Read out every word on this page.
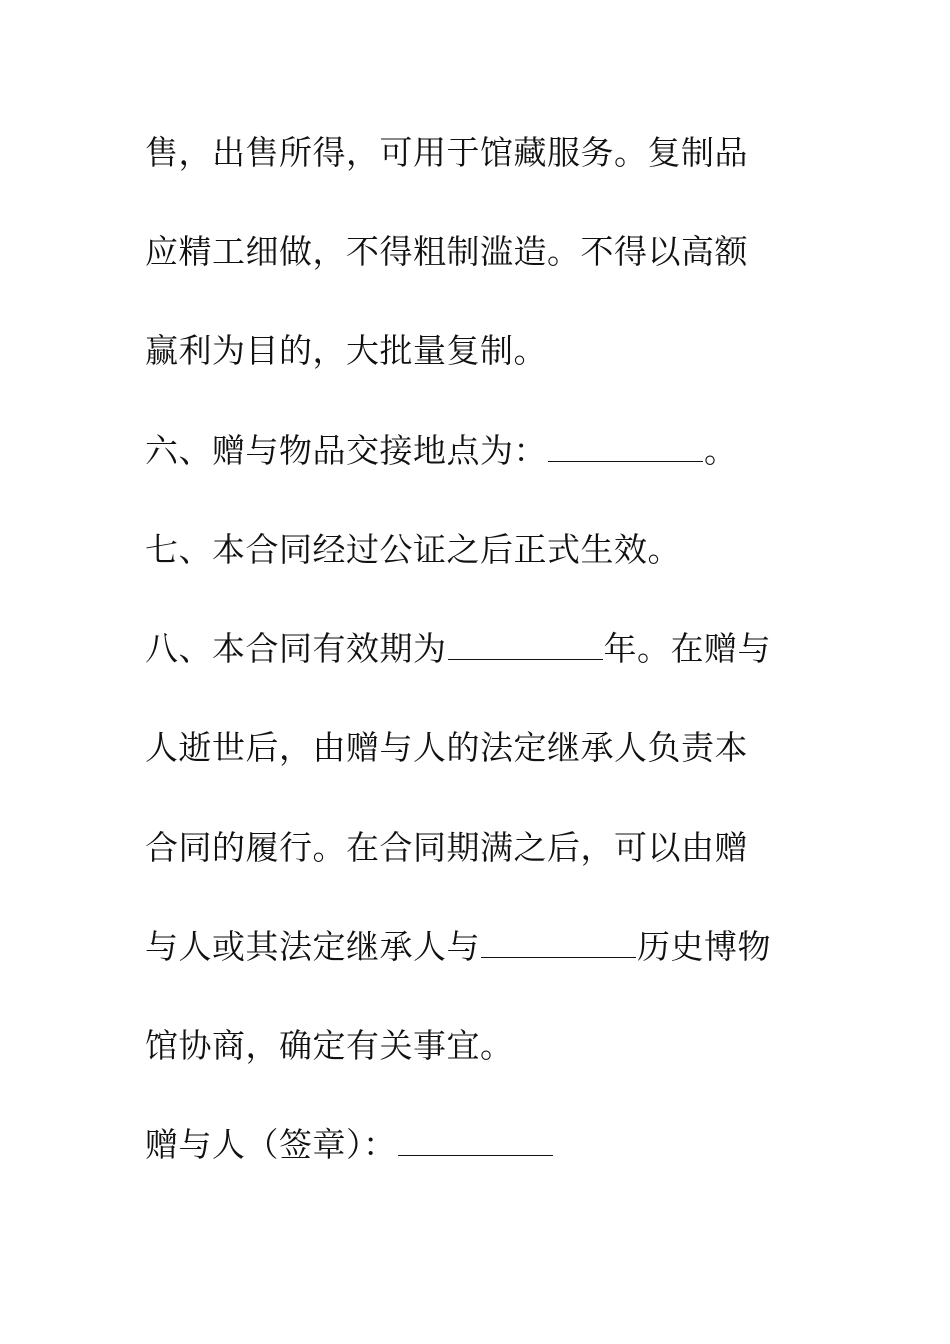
售，出售所得，可用于馆藏服务。复制品
应精工细做，不得粗制滥造。不得以高额
赢利为目的，大批量复制。
六、赠与物品交接地点为：	。
七、本合同经过公证之后正式生效。
八、本合同有效期为	年。在赠与
人逝世后，由赠与人的法定继承人负责本
合同的履行。在合同期满之后，可以由赠
与人或其法定继承人与	历史博物
馆协商，确定有关事宜。
赠与人（签章）：
